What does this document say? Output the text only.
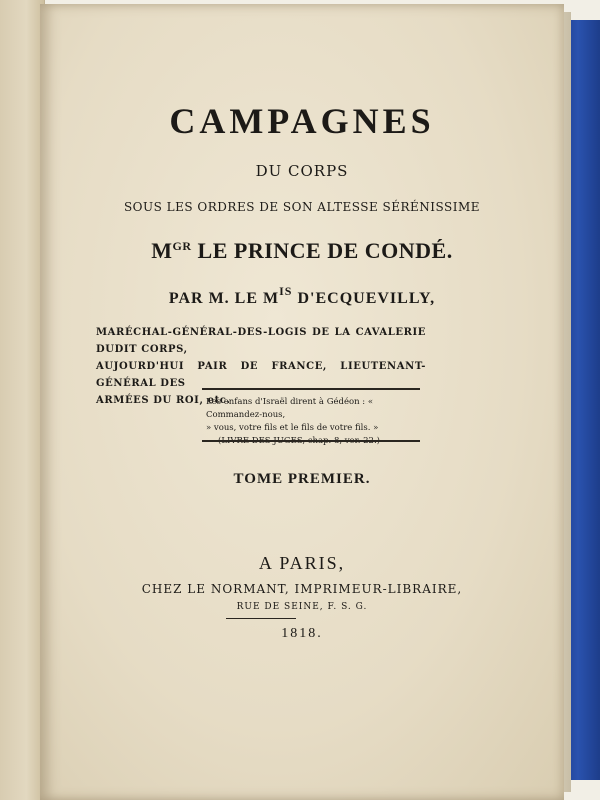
CAMPAGNES
DU CORPS
SOUS LES ORDRES DE SON ALTESSE SÉRÉNISSIME
$M^{GR}$ LE PRINCE DE CONDÉ.
PAR M. LE $M^{IS}$ D'ECQUEVILLY,
MARÉCHAL-GÉNÉRAL-DES-LOGIS DE LA CAVALERIE DUDIT CORPS,
AUJOURD'HUI PAIR DE FRANCE, LIEUTENANT-GÉNÉRAL DES
ARMÉES DU ROI, etc.
Les enfans d'Israël dirent à Gédéon : « Commandez-nous,
» vous, votre fils et le fils de votre fils. »
TOME PREMIER.
A PARIS,
CHEZ LE NORMANT, IMPRIMEUR-LIBRAIRE,
RUE DE SEINE, F. S. G.
1818.
